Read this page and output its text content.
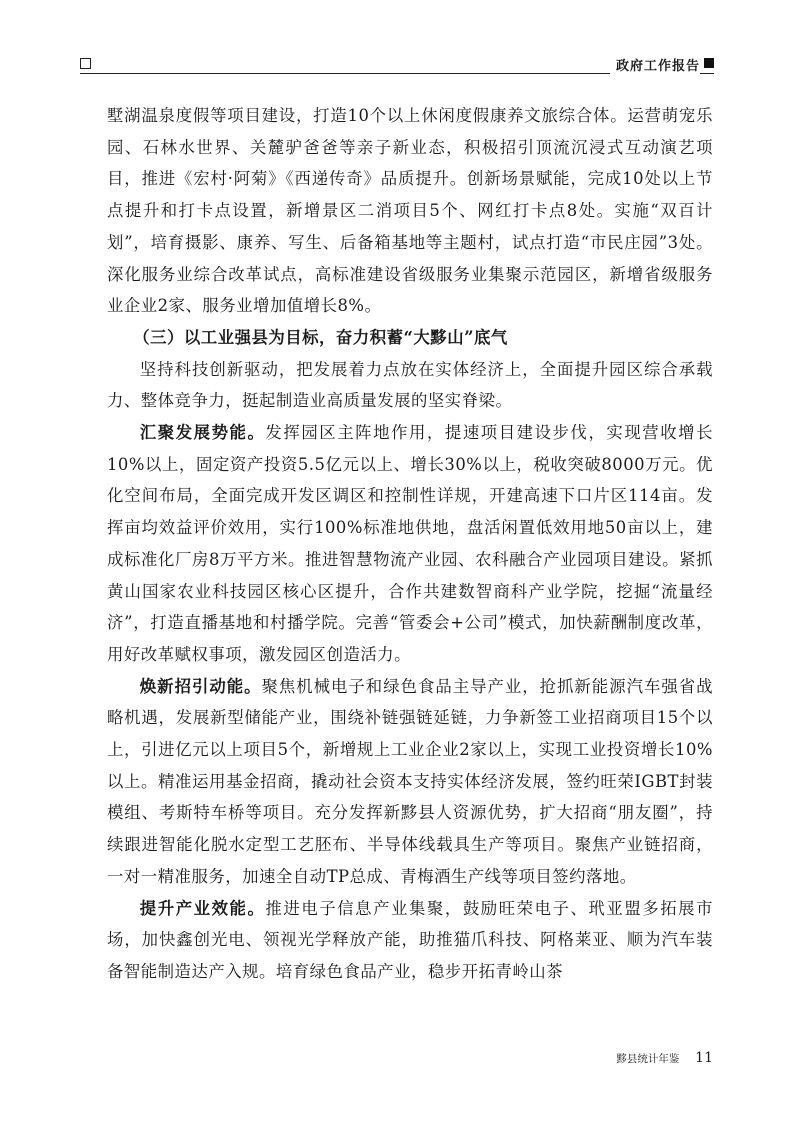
政府工作报告

墅湖温泉度假等项目建设，打造10个以上休闲度假康养文旅综合体。运营萌宠乐园、石林水世界、关麓驴爸爸等亲子新业态，积极招引顶流沉浸式互动演艺项目，推进《宏村·阿菊》《西递传奇》品质提升。创新场景赋能，完成10处以上节点提升和打卡点设置，新增景区二消项目5个、网红打卡点8处。实施“双百计划”，培育摄影、康养、写生、后备箱基地等主题村，试点打造“市民庄园”3处。深化服务业综合改革试点，高标准建设省级服务业集聚示范园区，新增省级服务业企业2家、服务业增加值增长8%。

（三）以工业强县为目标，奋力积蓄“大黟山”底气

坚持科技创新驱动，把发展着力点放在实体经济上，全面提升园区综合承载力、整体竞争力，挺起制造业高质量发展的坚实脊梁。

汇聚发展势能。发挥园区主阵地作用，提速项目建设步伐，实现营收增长10%以上，固定资产投资5.5亿元以上、增长30%以上，税收突破8000万元。优化空间布局，全面完成开发区调区和控制性详规，开建高速下口片区114亩。发挥亩均效益评价效用，实行100%标准地供地，盘活闲置低效用地50亩以上，建成标准化厂房8万平方米。推进智慧物流产业园、农科融合产业园项目建设。紧抓黄山国家农业科技园区核心区提升，合作共建数智商科产业学院，挖掘“流量经济”，打造直播基地和村播学院。完善“管委会+公司”模式，加快薪酬制度改革，用好改革赋权事项，激发园区创造活力。

焕新招引动能。聚焦机械电子和绿色食品主导产业，抢抓新能源汽车强省战略机遇，发展新型储能产业，围绕补链强链延链，力争新签工业招商项目15个以上，引进亿元以上项目5个，新增规上工业企业2家以上，实现工业投资增长10%以上。精准运用基金招商，撬动社会资本支持实体经济发展，签约旺荣IGBT封装模组、考斯特车桥等项目。充分发挥新黟县人资源优势，扩大招商“朋友圈”，持续跟进智能化脱水定型工艺胚布、半导体线载具生产等项目。聚焦产业链招商，一对一精准服务，加速全自动TP总成、青梅酒生产线等项目签约落地。

提升产业效能。推进电子信息产业集聚，鼓励旺荣电子、玳亚盟多拓展市场，加快鑫创光电、领视光学释放产能，助推猫爪科技、阿格莱亚、顺为汽车装备智能制造达产入规。培育绿色食品产业，稳步开拓青岭山茶

黟县统计年鉴 11
